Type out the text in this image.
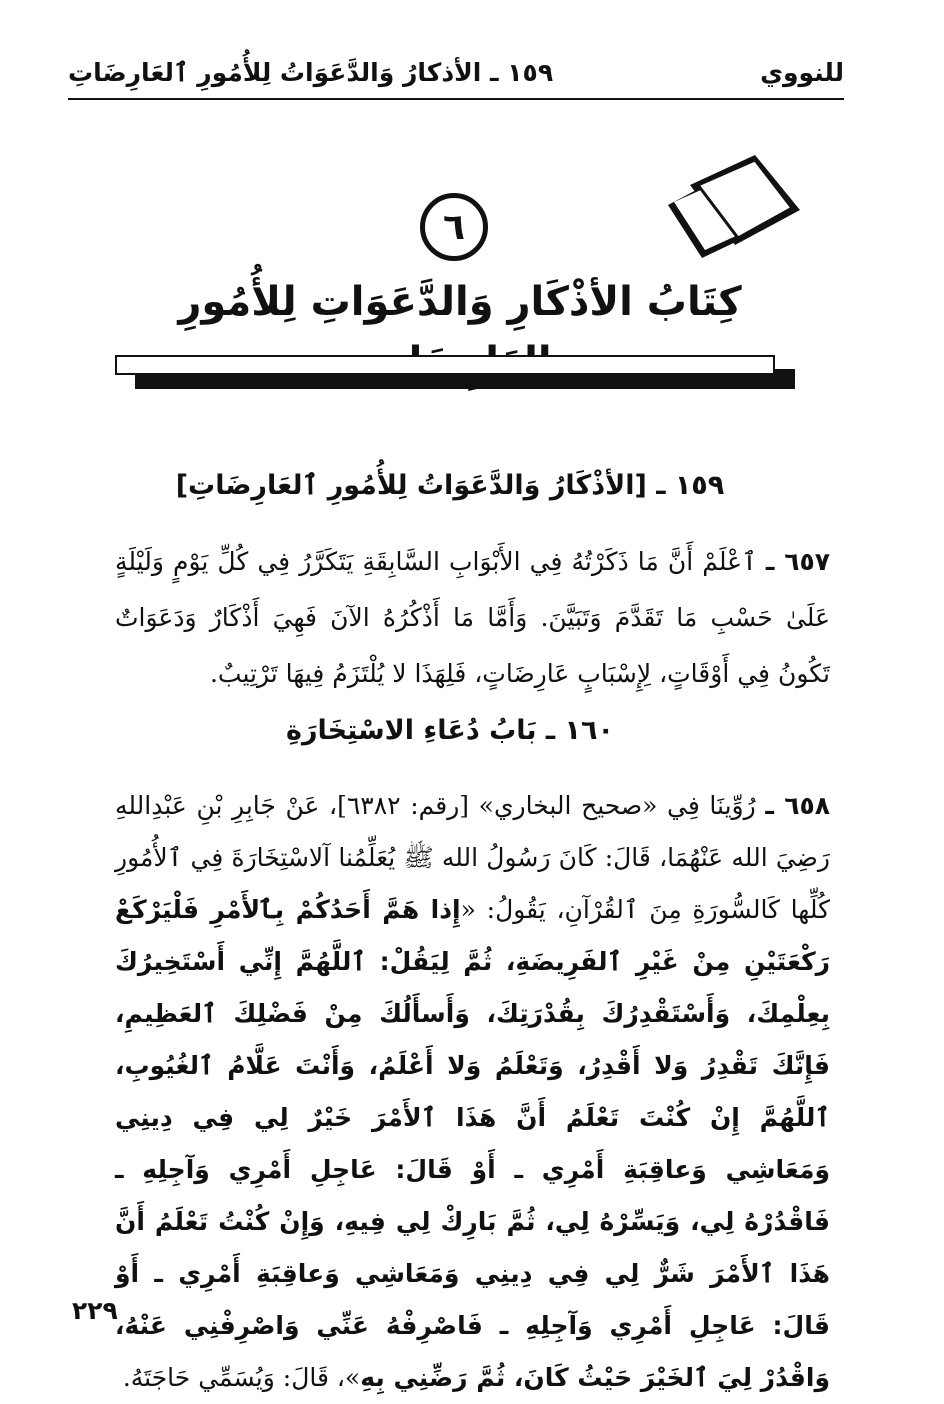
للنووي
١٥٩ ـ الأذكارُ وَالدَّعَوَاتُ لِلأُمُورِ ٱلعَارِضَاتِ
٦
كِتَابُ الأذْكَارِ وَالدَّعَوَاتِ لِلأُمُورِ
١٥٩ ـ [الأذْكَارُ وَالدَّعَوَاتُ لِلأُمُورِ ٱلعَارِضَاتِ]
٦٥٧ ـ ٱعْلَمْ أَنَّ مَا ذَكَرْتُهُ فِي الأَبْوَابِ السَّابِقَةِ يَتَكَرَّرُ فِي كُلِّ يَوْمٍ وَلَيْلَةٍ عَلَىٰ حَسْبِ مَا تَقَدَّمَ وَتَبَيَّنَ. وَأَمَّا مَا أَذْكُرُهُ الآنَ فَهِيَ أَذْكَارٌ وَدَعَوَاتٌ تَكُونُ فِي أَوْقَاتٍ، لِإِسْبَابٍ عَارِضَاتٍ، فَلِهَذَا لا يُلْتَزَمُ فِيهَا تَرْتِيبٌ.
١٦٠ ـ بَابُ دُعَاءِ الاسْتِخَارَةِ
٦٥٨ ـ رُوِّينَا فِي «صحيح البخاري» [رقم: ٦٣٨٢]، عَنْ جَابِرِ بْنِ عَبْدِاللهِ رَضِيَ الله عَنْهُمَا، قَالَ: كَانَ رَسُولُ الله ﷺ يُعَلِّمُنا آلاسْتِخَارَةَ فِي ٱلأُمُورِ كُلِّها كَالسُّورَةِ مِنَ ٱلقُرْآنِ، يَقُولُ: «إِذا هَمَّ أَحَدُكُمْ بِٱلأَمْرِ فَلْيَرْكَعْ رَكْعَتَيْنِ مِنْ غَيْرِ ٱلفَرِيضَةِ، ثُمَّ لِيَقُلْ: ٱللَّهُمَّ إِنِّي أَسْتَخِيرُكَ بِعِلْمِكَ، وَأَسْتَقْدِرُكَ بِقُدْرَتِكَ، وَأَسأَلُكَ مِنْ فَضْلِكَ ٱلعَظِيمِ، فَإِنَّكَ تَقْدِرُ وَلا أَقْدِرُ، وَتَعْلَمُ وَلا أَعْلَمُ، وَأَنْتَ عَلَّامُ ٱلغُيُوبِ، ٱللَّهُمَّ إِنْ كُنْتَ تَعْلَمُ أَنَّ هَذَا ٱلأَمْرَ خَيْرٌ لِي فِي دِينِي وَمَعَاشِي وَعاقِبَةِ أَمْرِي ـ أَوْ قَالَ: عَاجِلِ أَمْرِي وَآجِلِهِ ـ فَاقْدُرْهُ لِي، وَيَسِّرْهُ لِي، ثُمَّ بَارِكْ لِي فِيهِ، وَإِنْ كُنْتُ تَعْلَمُ أَنَّ هَذَا ٱلأَمْرَ شَرٌّ لِي فِي دِينِي وَمَعَاشِي وَعاقِبَةِ أَمْرِي ـ أَوْ قَالَ: عَاجِلِ أَمْرِي وَآجِلِهِ ـ فَاصْرِفْهُ عَنِّي وَاصْرِفْنِي عَنْهُ، وَاقْدُرْ لِيَ ٱلخَيْرَ حَيْثُ كَانَ، ثُمَّ رَضِّنِي بِهِ»، قَالَ: وَيُسَمِّي حَاجَتَهُ.
٢٢٩
